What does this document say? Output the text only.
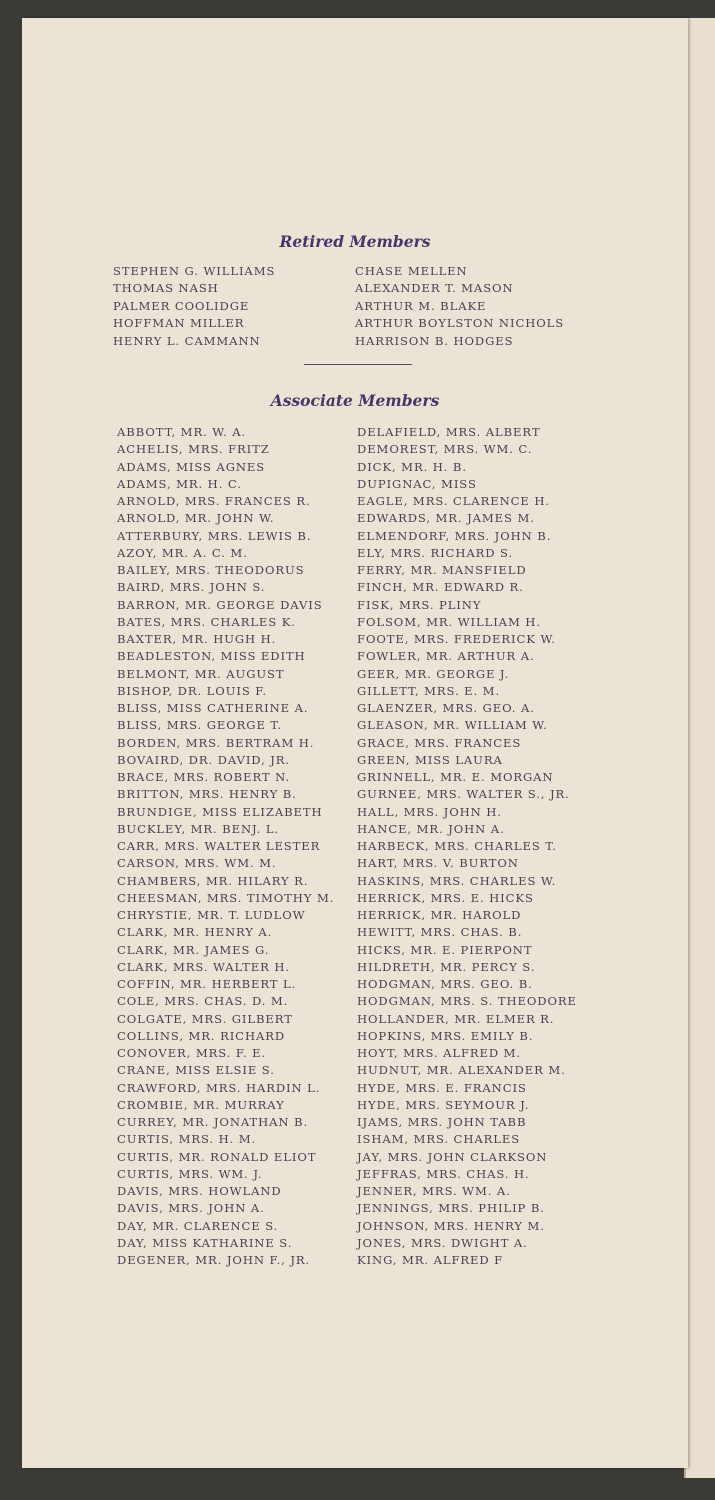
Retired Members
STEPHEN G. WILLIAMS
THOMAS NASH
PALMER COOLIDGE
HOFFMAN MILLER
HENRY L. CAMMANN
CHASE MELLEN
ALEXANDER T. MASON
ARTHUR M. BLAKE
ARTHUR BOYLSTON NICHOLS
HARRISON B. HODGES
Associate Members
ABBOTT, MR. W. A.
ACHELIS, MRS. FRITZ
ADAMS, MISS AGNES
ADAMS, MR. H. C.
ARNOLD, MRS. FRANCES R.
ARNOLD, MR. JOHN W.
ATTERBURY, MRS. LEWIS B.
AZOY, MR. A. C. M.
BAILEY, MRS. THEODORUS
BAIRD, MRS. JOHN S.
BARRON, MR. GEORGE DAVIS
BATES, MRS. CHARLES K.
BAXTER, MR. HUGH H.
BEADLESTON, MISS EDITH
BELMONT, MR. AUGUST
BISHOP, DR. LOUIS F.
BLISS, MISS CATHERINE A.
BLISS, MRS. GEORGE T.
BORDEN, MRS. BERTRAM H.
BOVAIRD, DR. DAVID, JR.
BRACE, MRS. ROBERT N.
BRITTON, MRS. HENRY B.
BRUNDIGE, MISS ELIZABETH
BUCKLEY, MR. BENJ. L.
CARR, MRS. WALTER LESTER
CARSON, MRS. WM. M.
CHAMBERS, MR. HILARY R.
CHEESMAN, MRS. TIMOTHY M.
CHRYSTIE, MR. T. LUDLOW
CLARK, MR. HENRY A.
CLARK, MR. JAMES G.
CLARK, MRS. WALTER H.
COFFIN, MR. HERBERT L.
COLE, MRS. CHAS. D. M.
COLGATE, MRS. GILBERT
COLLINS, MR. RICHARD
CONOVER, MRS. F. E.
CRANE, MISS ELSIE S.
CRAWFORD, MRS. HARDIN L.
CROMBIE, MR. MURRAY
CURREY, MR. JONATHAN B.
CURTIS, MRS. H. M.
CURTIS, MR. RONALD ELIOT
CURTIS, MRS. WM. J.
DAVIS, MRS. HOWLAND
DAVIS, MRS. JOHN A.
DAY, MR. CLARENCE S.
DAY, MISS KATHARINE S.
DEGENER, MR. JOHN F., JR.
DELAFIELD, MRS. ALBERT
DEMOREST, MRS. WM. C.
DICK, MR. H. B.
DUPIGNAC, MISS
EAGLE, MRS. CLARENCE H.
EDWARDS, MR. JAMES M.
ELMENDORF, MRS. JOHN B.
ELY, MRS. RICHARD S.
FERRY, MR. MANSFIELD
FINCH, MR. EDWARD R.
FISK, MRS. PLINY
FOLSOM, MR. WILLIAM H.
FOOTE, MRS. FREDERICK W.
FOWLER, MR. ARTHUR A.
GEER, MR. GEORGE J.
GILLETT, MRS. E. M.
GLAENZER, MRS. GEO. A.
GLEASON, MR. WILLIAM W.
GRACE, MRS. FRANCES
GREEN, MISS LAURA
GRINNELL, MR. E. MORGAN
GURNEE, MRS. WALTER S., JR.
HALL, MRS. JOHN H.
HANCE, MR. JOHN A.
HARBECK, MRS. CHARLES T.
HART, MRS. V. BURTON
HASKINS, MRS. CHARLES W.
HERRICK, MRS. E. HICKS
HERRICK, MR. HAROLD
HEWITT, MRS. CHAS. B.
HICKS, MR. E. PIERPONT
HILDRETH, MR. PERCY S.
HODGMAN, MRS. GEO. B.
HODGMAN, MRS. S. THEODORE
HOLLANDER, MR. ELMER R.
HOPKINS, MRS. EMILY B.
HOYT, MRS. ALFRED M.
HUDNUT, MR. ALEXANDER M.
HYDE, MRS. E. FRANCIS
HYDE, MRS. SEYMOUR J.
IJAMS, MRS. JOHN TABB
ISHAM, MRS. CHARLES
JAY, MRS. JOHN CLARKSON
JEFFRAS, MRS. CHAS. H.
JENNER, MRS. WM. A.
JENNINGS, MRS. PHILIP B.
JOHNSON, MRS. HENRY M.
JONES, MRS. DWIGHT A.
KING, MR. ALFRED F
